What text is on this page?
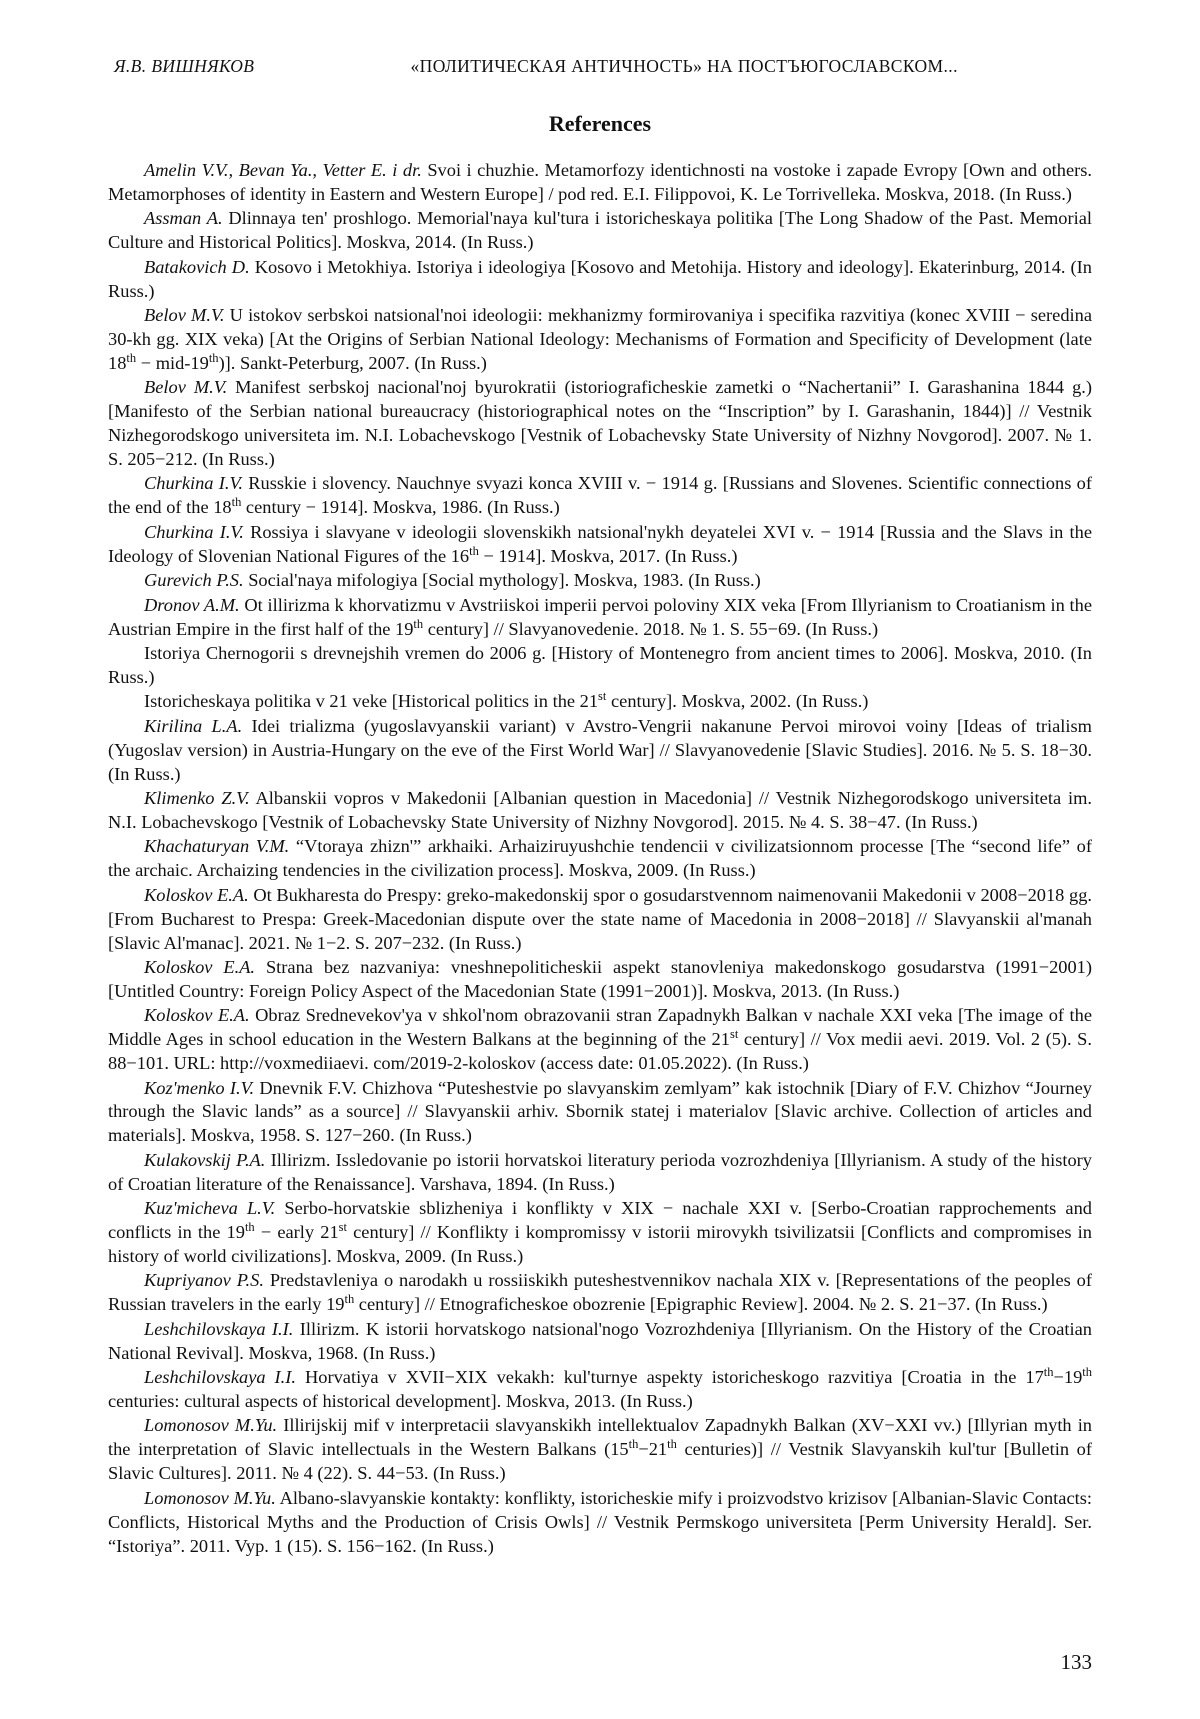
Я.В. ВИШНЯКОВ	«ПОЛИТИЧЕСКАЯ АНТИЧНОСТЬ» НА ПОСТЪЮГОСЛАВСКОМ...
References

Amelin V.V., Bevan Ya., Vetter E. i dr. Svoi i chuzhie. Metamorfozy identichnosti na vostoke i zapade Evropy [Own and others. Metamorphoses of identity in Eastern and Western Europe] / pod red. E.I. Filippovoi, K. Le Torrivelleka. Moskva, 2018. (In Russ.)

Assman A. Dlinnaya ten' proshlogo. Memorial'naya kul'tura i istoricheskaya politika [The Long Shadow of the Past. Memorial Culture and Historical Politics]. Moskva, 2014. (In Russ.)

Batakovich D. Kosovo i Metokhiya. Istoriya i ideologiya [Kosovo and Metohija. History and ideology]. Ekaterinburg, 2014. (In Russ.)

Belov M.V. U istokov serbskoi natsional'noi ideologii: mekhanizmy formirovaniya i specifika razvitiya (konec XVIII − seredina 30-kh gg. XIX veka) [At the Origins of Serbian National Ideology: Mechanisms of Formation and Specificity of Development (late 18th − mid-19th)]. Sankt-Peterburg, 2007. (In Russ.)

Belov M.V. Manifest serbskoj nacional'noj byurokratii (istoriograficheskie zametki o “Nachertanii” I. Garashanina 1844 g.) [Manifesto of the Serbian national bureaucracy (historiographical notes on the “Inscription” by I. Garashanin, 1844)] // Vestnik Nizhegorodskogo universiteta im. N.I. Lobachevskogo [Vestnik of Lobachevsky State University of Nizhny Novgorod]. 2007. № 1. S. 205−212. (In Russ.)

Churkina I.V. Russkie i slovency. Nauchnye svyazi konca XVIII v. − 1914 g. [Russians and Slovenes. Scientific connections of the end of the 18th century − 1914]. Moskva, 1986. (In Russ.)

Churkina I.V. Rossiya i slavyane v ideologii slovenskikh natsional'nykh deyatelei XVI v. − 1914 [Russia and the Slavs in the Ideology of Slovenian National Figures of the 16th − 1914]. Moskva, 2017. (In Russ.)

Gurevich P.S. Social'naya mifologiya [Social mythology]. Moskva, 1983. (In Russ.)

Dronov A.M. Ot illirizma k khorvatizmu v Avstriiskoi imperii pervoi poloviny XIX veka [From Illyrianism to Croatianism in the Austrian Empire in the first half of the 19th century] // Slavyanovedenie. 2018. № 1. S. 55−69. (In Russ.)

Istoriya Chernogorii s drevnejshih vremen do 2006 g. [History of Montenegro from ancient times to 2006]. Moskva, 2010. (In Russ.)

Istoricheskaya politika v 21 veke [Historical politics in the 21st century]. Moskva, 2002. (In Russ.)

Kirilina L.A. Idei trializma (yugoslavyanskii variant) v Avstro-Vengrii nakanune Pervoi mirovoi voiny [Ideas of trialism (Yugoslav version) in Austria-Hungary on the eve of the First World War] // Slavyanovedenie [Slavic Studies]. 2016. № 5. S. 18−30. (In Russ.)

Klimenko Z.V. Albanskii vopros v Makedonii [Albanian question in Macedonia] // Vestnik Nizhegorodskogo universiteta im. N.I. Lobachevskogo [Vestnik of Lobachevsky State University of Nizhny Novgorod]. 2015. № 4. S. 38−47. (In Russ.)

Khachaturyan V.M. “Vtoraya zhizn'” arkhaiki. Arhaiziruyushchie tendencii v civilizatsionnom processe [The “second life” of the archaic. Archaizing tendencies in the civilization process]. Moskva, 2009. (In Russ.)

Koloskov E.A. Ot Bukharesta do Prespy: greko-makedonskij spor o gosudarstvennom naimenovanii Makedonii v 2008−2018 gg. [From Bucharest to Prespa: Greek-Macedonian dispute over the state name of Macedonia in 2008−2018] // Slavyanskii al'manah [Slavic Al'manac]. 2021. № 1−2. S. 207−232. (In Russ.)

Koloskov E.A. Strana bez nazvaniya: vneshnepoliticheskii aspekt stanovleniya makedonskogo gosudarstva (1991−2001) [Untitled Country: Foreign Policy Aspect of the Macedonian State (1991−2001)]. Moskva, 2013. (In Russ.)

Koloskov E.A. Obraz Srednevekov'ya v shkol'nom obrazovanii stran Zapadnykh Balkan v nachale XXI veka [The image of the Middle Ages in school education in the Western Balkans at the beginning of the 21st century] // Vox medii aevi. 2019. Vol. 2 (5). S. 88−101. URL: http://voxmediiaevi. com/2019-2-koloskov (access date: 01.05.2022). (In Russ.)

Koz'menko I.V. Dnevnik F.V. Chizhova “Puteshestvie po slavyanskim zemlyam” kak istochnik [Diary of F.V. Chizhov “Journey through the Slavic lands” as a source] // Slavyanskii arhiv. Sbornik statej i materialov [Slavic archive. Collection of articles and materials]. Moskva, 1958. S. 127−260. (In Russ.)

Kulakovskij P.A. Illirizm. Issledovanie po istorii horvatskoi literatury perioda vozrozhdeniya [Illyrianism. A study of the history of Croatian literature of the Renaissance]. Varshava, 1894. (In Russ.)

Kuz'micheva L.V. Serbo-horvatskie sblizheniya i konflikty v XIX − nachale XXI v. [Serbo-Croatian rapprochements and conflicts in the 19th − early 21st century] // Konflikty i kompromissy v istorii mirovykh tsivilizatsii [Conflicts and compromises in history of world civilizations]. Moskva, 2009. (In Russ.)

Kupriyanov P.S. Predstavleniya o narodakh u rossiiskikh puteshestvennikov nachala XIX v. [Representations of the peoples of Russian travelers in the early 19th century] // Etnograficheskoe obozrenie [Epigraphic Review]. 2004. № 2. S. 21−37. (In Russ.)

Leshchilovskaya I.I. Illirizm. K istorii horvatskogo natsional'nogo Vozrozhdeniya [Illyrianism. On the History of the Croatian National Revival]. Moskva, 1968. (In Russ.)

Leshchilovskaya I.I. Horvatiya v XVII−XIX vekakh: kul'turnye aspekty istoricheskogo razvitiya [Croatia in the 17th−19th centuries: cultural aspects of historical development]. Moskva, 2013. (In Russ.)

Lomonosov M.Yu. Illirijskij mif v interpretacii slavyanskikh intellektualov Zapadnykh Balkan (XV−XXI vv.) [Illyrian myth in the interpretation of Slavic intellectuals in the Western Balkans (15th−21th centuries)] // Vestnik Slavyanskih kul'tur [Bulletin of Slavic Cultures]. 2011. № 4 (22). S. 44−53. (In Russ.)

Lomonosov M.Yu. Albano-slavyanskie kontakty: konflikty, istoricheskie mify i proizvodstvo krizisov [Albanian-Slavic Contacts: Conflicts, Historical Myths and the Production of Crisis Owls] // Vestnik Permskogo universiteta [Perm University Herald]. Ser. “Istoriya”. 2011. Vyp. 1 (15). S. 156−162. (In Russ.)

133
